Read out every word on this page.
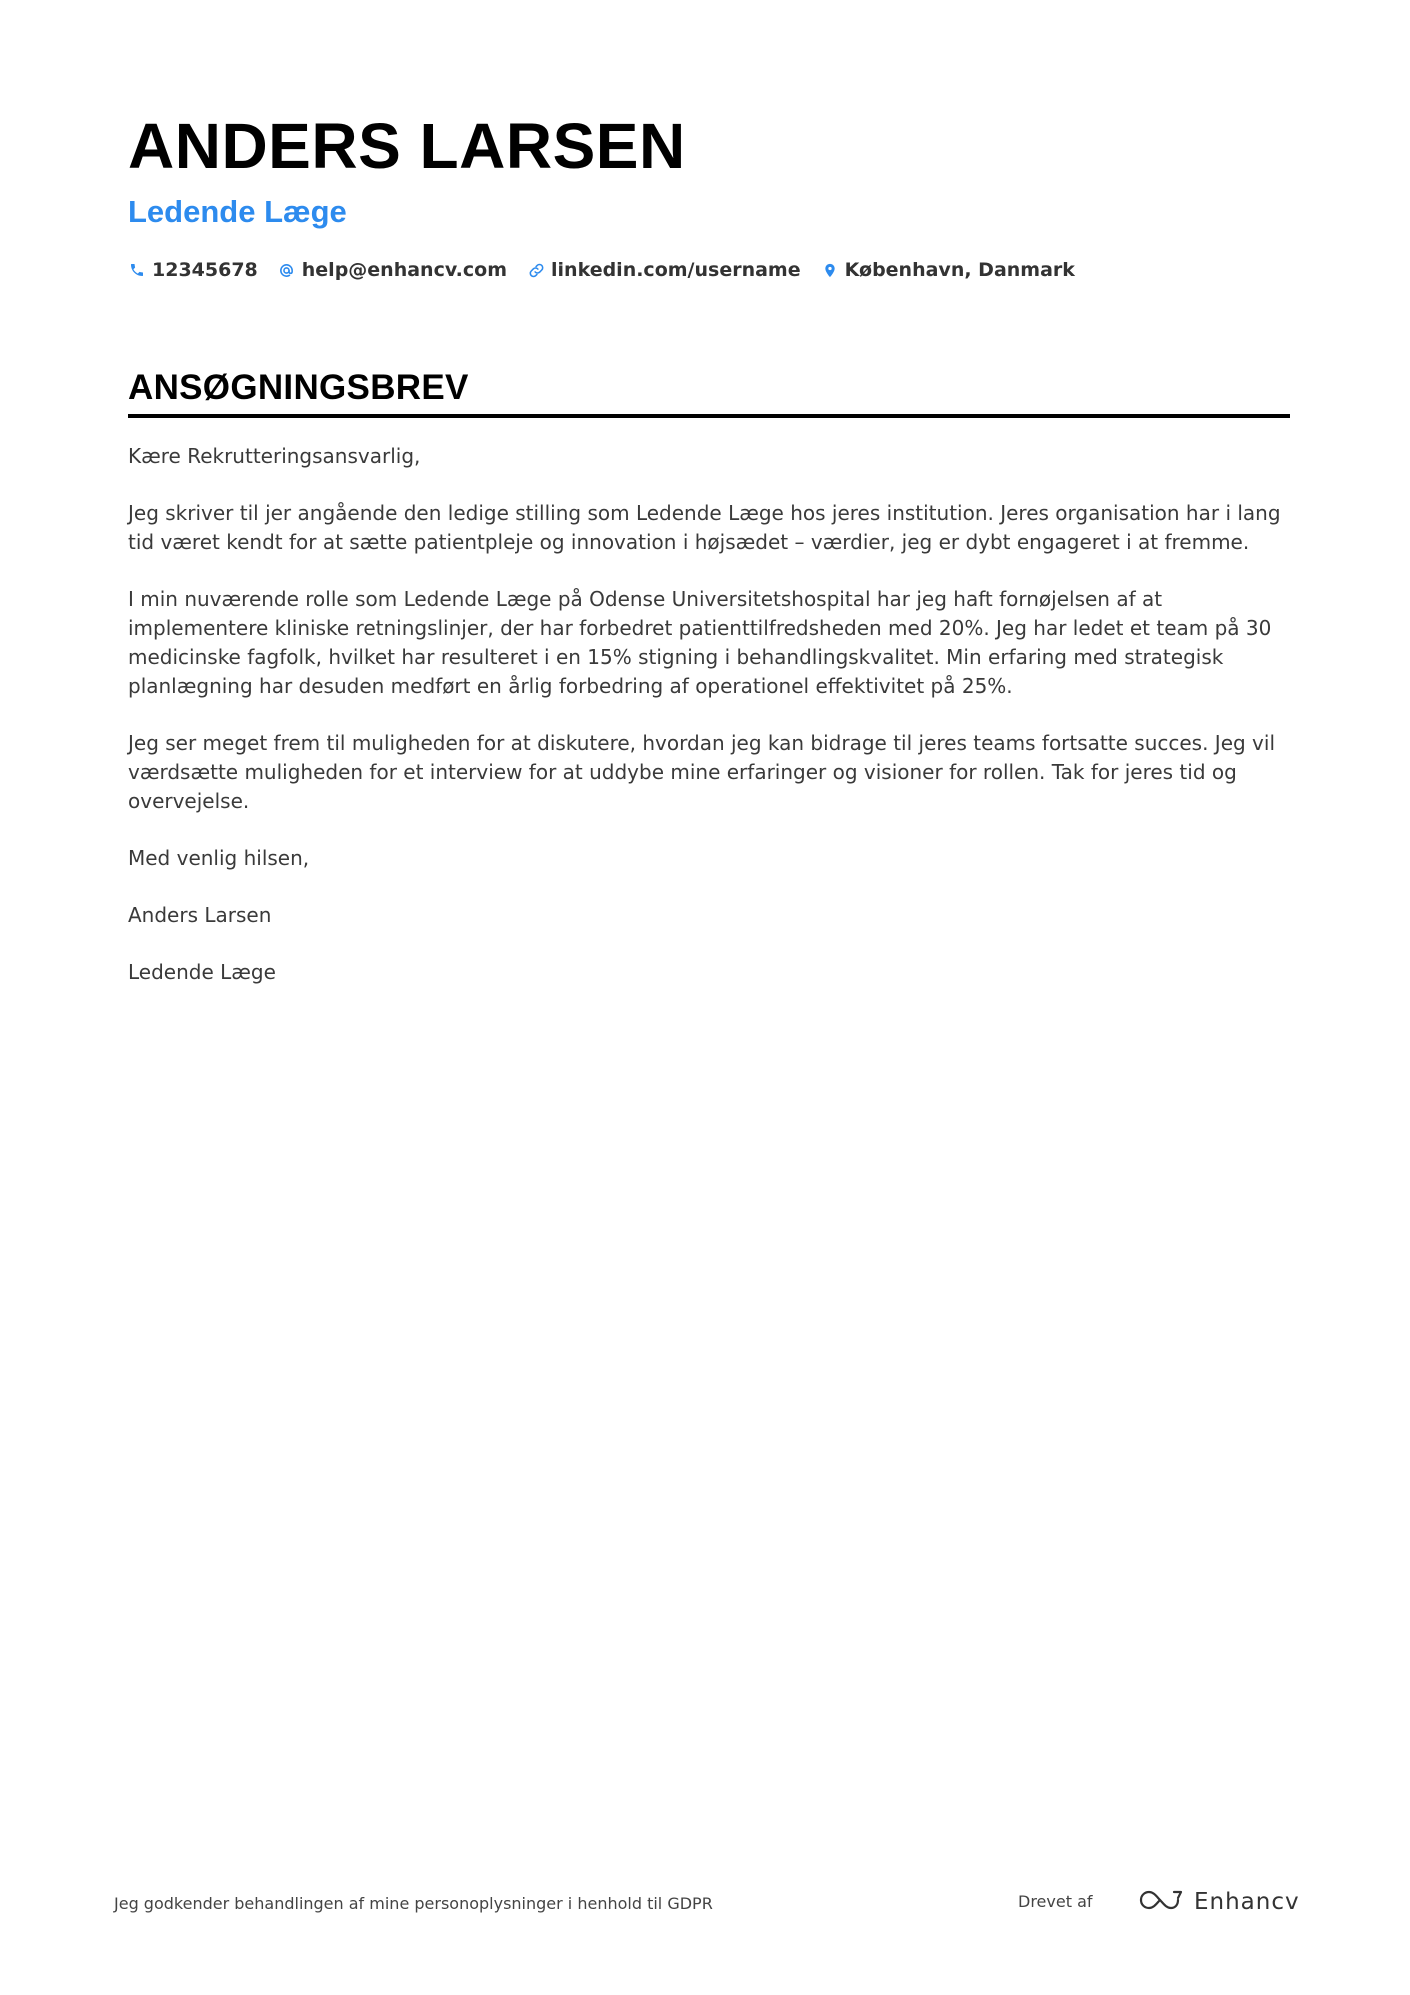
ANDERS LARSEN
Ledende Læge
12345678 help@enhancv.com linkedin.com/username København, Danmark
ANSØGNINGSBREV

Kære Rekrutteringsansvarlig,

Jeg skriver til jer angående den ledige stilling som Ledende Læge hos jeres institution. Jeres organisation har i lang tid været kendt for at sætte patientpleje og innovation i højsædet – værdier, jeg er dybt engageret i at fremme.

I min nuværende rolle som Ledende Læge på Odense Universitetshospital har jeg haft fornøjelsen af at implementere kliniske retningslinjer, der har forbedret patienttilfredsheden med 20%. Jeg har ledet et team på 30 medicinske fagfolk, hvilket har resulteret i en 15% stigning i behandlingskvalitet. Min erfaring med strategisk planlægning har desuden medført en årlig forbedring af operationel effektivitet på 25%.

Jeg ser meget frem til muligheden for at diskutere, hvordan jeg kan bidrage til jeres teams fortsatte succes. Jeg vil værdsætte muligheden for et interview for at uddybe mine erfaringer og visioner for rollen. Tak for jeres tid og overvejelse.

Med venlig hilsen,

Anders Larsen

Ledende Læge

Jeg godkender behandlingen af mine personoplysninger i henhold til GDPR	Drevet af	Enhancv
